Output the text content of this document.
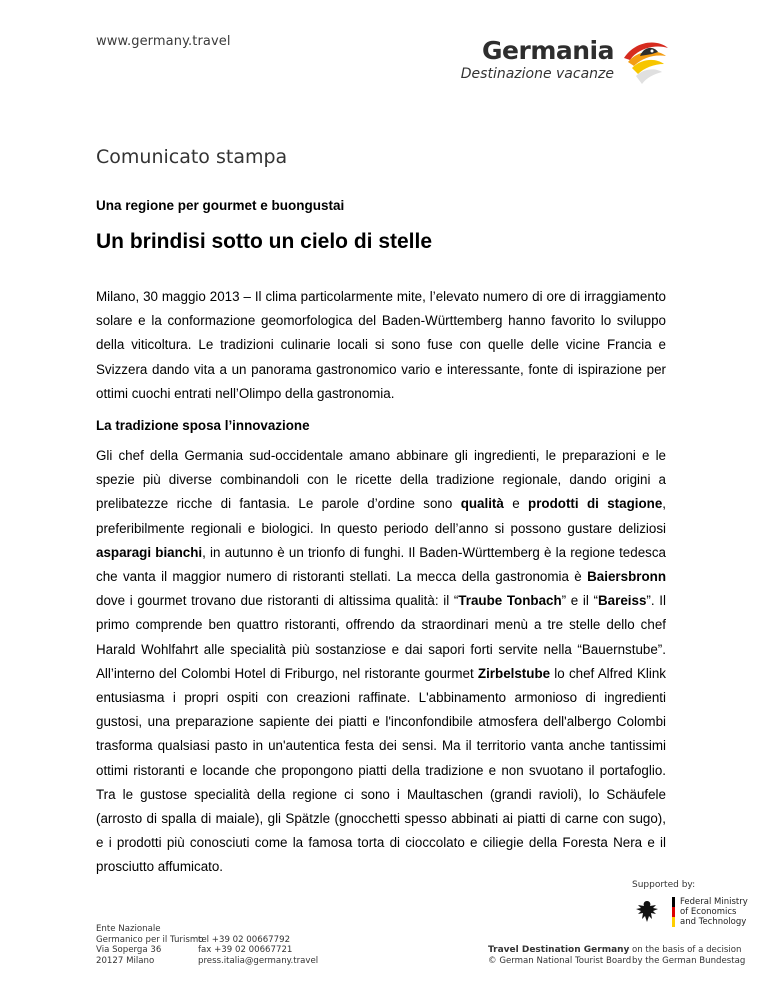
www.germany.travel	Germania
Destinazione vacanze
Comunicato stampa
Una regione per gourmet e buongustai
Un brindisi sotto un cielo di stelle

Milano, 30 maggio 2013 – Il clima particolarmente mite, l’elevato numero di ore di irraggiamento solare e la conformazione geomorfologica del Baden-Württemberg hanno favorito lo sviluppo della viticoltura. Le tradizioni culinarie locali si sono fuse con quelle delle vicine Francia e Svizzera dando vita a un panorama gastronomico vario e interessante, fonte di ispirazione per ottimi cuochi entrati nell’Olimpo della gastronomia.

La tradizione sposa l’innovazione

Gli chef della Germania sud-occidentale amano abbinare gli ingredienti, le preparazioni e le spezie più diverse combinandoli con le ricette della tradizione regionale, dando origini a prelibatezze ricche di fantasia. Le parole d’ordine sono qualità e prodotti di stagione, preferibilmente regionali e biologici. In questo periodo dell’anno si possono gustare deliziosi asparagi bianchi, in autunno è un trionfo di funghi. Il Baden-Württemberg è la regione tedesca che vanta il maggior numero di ristoranti stellati. La mecca della gastronomia è Baiersbronn dove i gourmet trovano due ristoranti di altissima qualità: il “Traube Tonbach” e il “Bareiss”. Il primo comprende ben quattro ristoranti, offrendo da straordinari menù a tre stelle dello chef Harald Wohlfahrt alle specialità più sostanziose e dai sapori forti servite nella “Bauernstube”. All’interno del Colombi Hotel di Friburgo, nel ristorante gourmet Zirbelstube lo chef Alfred Klink entusiasma i propri ospiti con creazioni raffinate. L'abbinamento armonioso di ingredienti gustosi, una preparazione sapiente dei piatti e l'inconfondibile atmosfera dell'albergo Colombi trasforma qualsiasi pasto in un'autentica festa dei sensi. Ma il territorio vanta anche tantissimi ottimi ristoranti e locande che propongono piatti della tradizione e non svuotano il portafoglio. Tra le gustose specialità della regione ci sono i Maultaschen (grandi ravioli), lo Schäufele (arrosto di spalla di maiale), gli Spätzle (gnocchetti spesso abbinati ai piatti di carne con sugo), e i prodotti più conosciuti come la famosa torta di cioccolato e ciliegie della Foresta Nera e il prosciutto affumicato.

Supported by:
Federal Ministry
of Economics
and Technology
Ente Nazionale
Germanico per il Turismo
Via Soperga 36
20127 Milano
tel +39 02 00667792
fax +39 02 00667721
press.italia@germany.travel
Travel Destination Germany
© German National Tourist Board
on the basis of a decision
by the German Bundestag
